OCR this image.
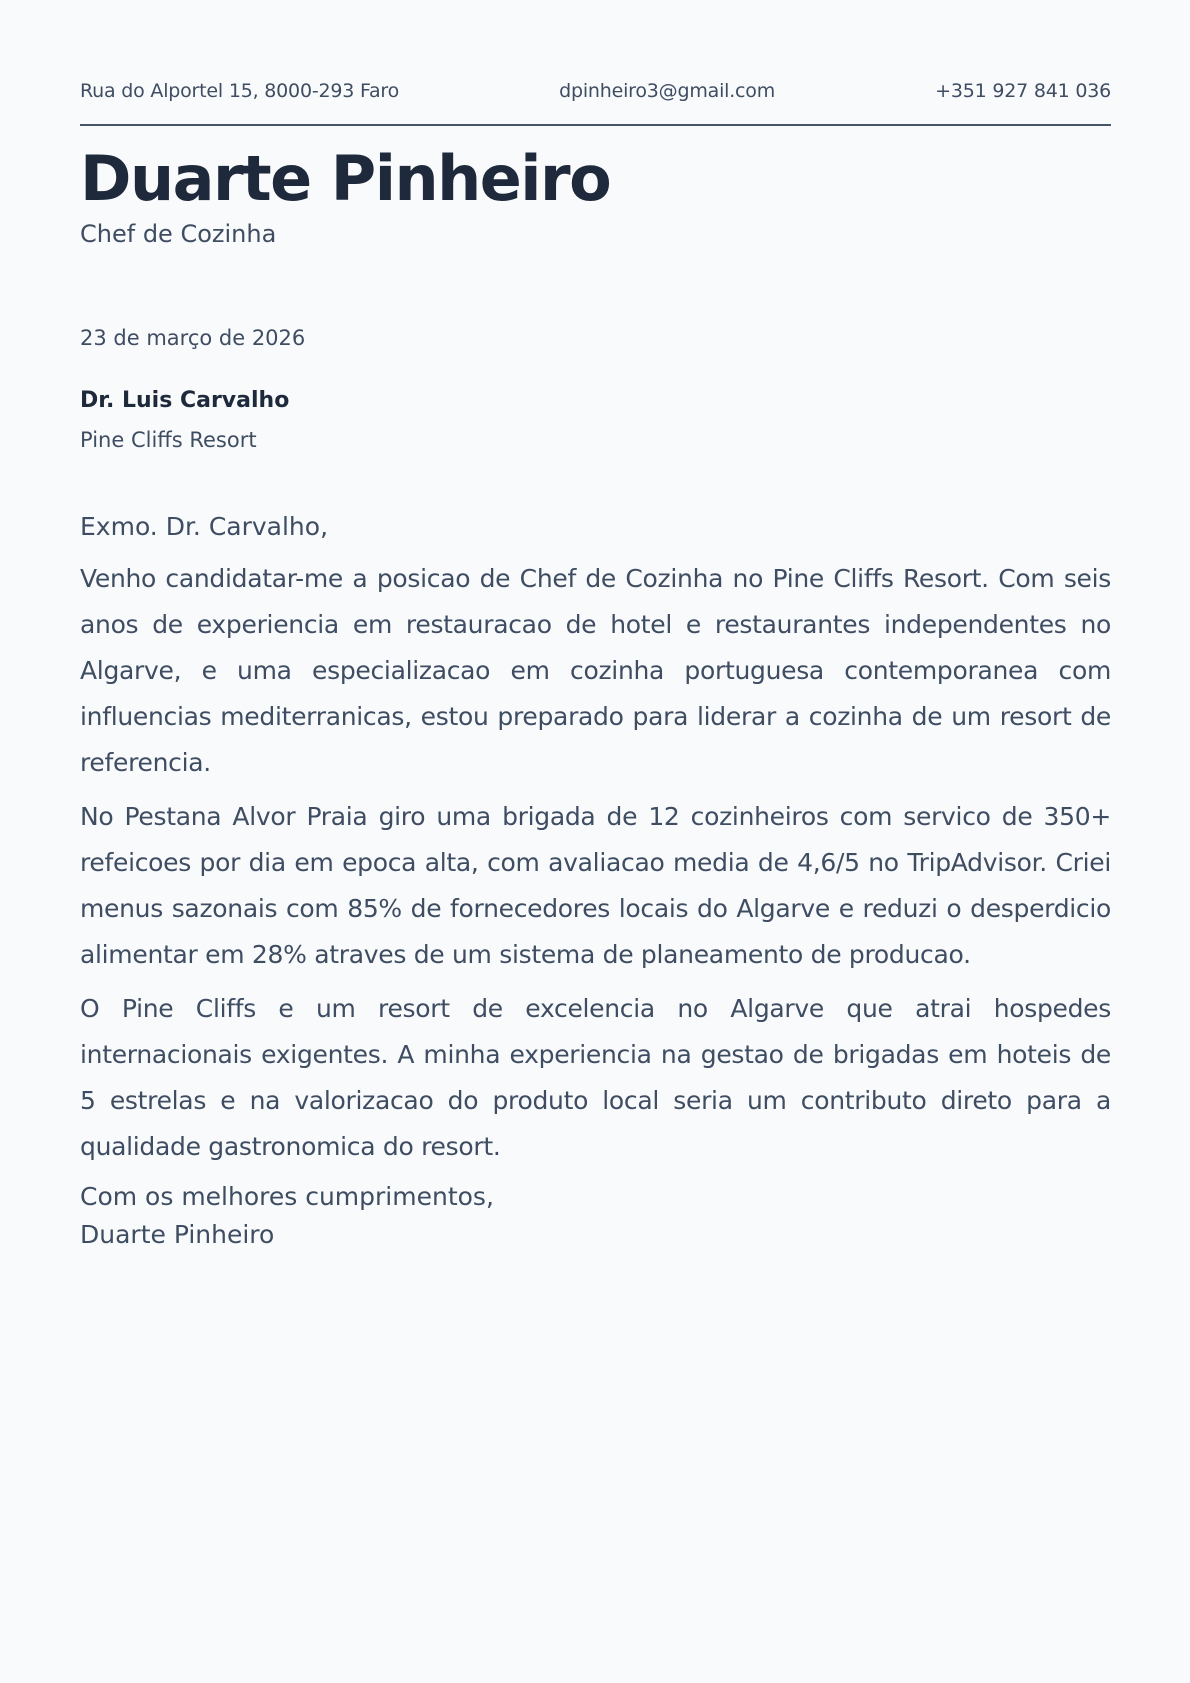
Rua do Alportel 15, 8000-293 Faro	dpinheiro3@gmail.com	+351 927 841 036
Duarte Pinheiro
Chef de Cozinha
23 de março de 2026
Dr. Luis Carvalho
Pine Cliffs Resort

Exmo. Dr. Carvalho,

Venho candidatar-me a posicao de Chef de Cozinha no Pine Cliffs Resort. Com seis anos de experiencia em restauracao de hotel e restaurantes independentes no Algarve, e uma especializacao em cozinha portuguesa contemporanea com influencias mediterranicas, estou preparado para liderar a cozinha de um resort de referencia.

No Pestana Alvor Praia giro uma brigada de 12 cozinheiros com servico de 350+ refeicoes por dia em epoca alta, com avaliacao media de 4,6/5 no TripAdvisor. Criei menus sazonais com 85% de fornecedores locais do Algarve e reduzi o desperdicio alimentar em 28% atraves de um sistema de planeamento de producao.

O Pine Cliffs e um resort de excelencia no Algarve que atrai hospedes internacionais exigentes. A minha experiencia na gestao de brigadas em hoteis de 5 estrelas e na valorizacao do produto local seria um contributo direto para a qualidade gastronomica do resort.

Com os melhores cumprimentos,

Duarte Pinheiro
